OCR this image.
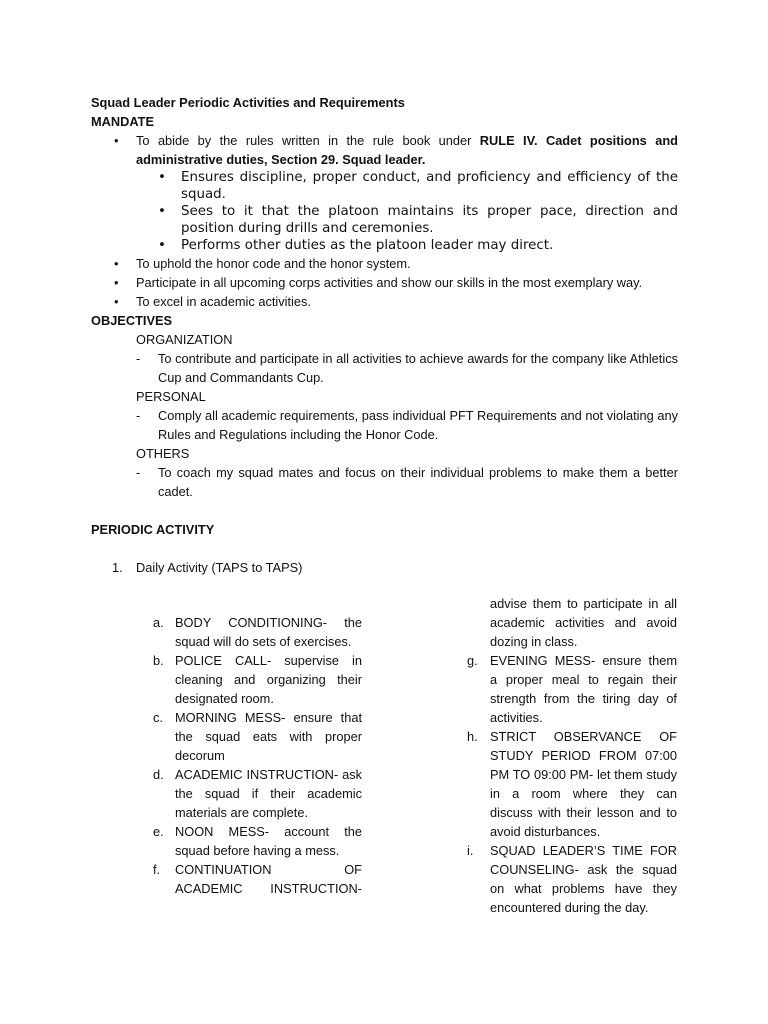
Squad Leader Periodic Activities and Requirements
MANDATE
• To abide by the rules written in the rule book under RULE IV. Cadet positions and administrative duties, Section 29. Squad leader.
• Ensures discipline, proper conduct, and proficiency and efficiency of the squad.
• Sees to it that the platoon maintains its proper pace, direction and position during drills and ceremonies.
• Performs other duties as the platoon leader may direct.
• To uphold the honor code and the honor system.
• Participate in all upcoming corps activities and show our skills in the most exemplary way.
• To excel in academic activities.
OBJECTIVES
ORGANIZATION
- To contribute and participate in all activities to achieve awards for the company like Athletics Cup and Commandants Cup.
PERSONAL
- Comply all academic requirements, pass individual PFT Requirements and not violating any Rules and Regulations including the Honor Code.
OTHERS
- To coach my squad mates and focus on their individual problems to make them a better cadet.
PERIODIC ACTIVITY
1. Daily Activity (TAPS to TAPS)
a. BODY CONDITIONING- the squad will do sets of exercises.
b. POLICE CALL- supervise in cleaning and organizing their designated room.
c. MORNING MESS- ensure that the squad eats with proper decorum
d. ACADEMIC INSTRUCTION- ask the squad if their academic materials are complete.
e. NOON MESS- account the squad before having a mess.
f. CONTINUATION OF ACADEMIC INSTRUCTION-
advise them to participate in all academic activities and avoid dozing in class.
g. EVENING MESS- ensure them a proper meal to regain their strength from the tiring day of activities.
h. STRICT OBSERVANCE OF STUDY PERIOD FROM 07:00 PM TO 09:00 PM- let them study in a room where they can discuss with their lesson and to avoid disturbances.
i. SQUAD LEADER’S TIME FOR COUNSELING- ask the squad on what problems have they encountered during the day.
